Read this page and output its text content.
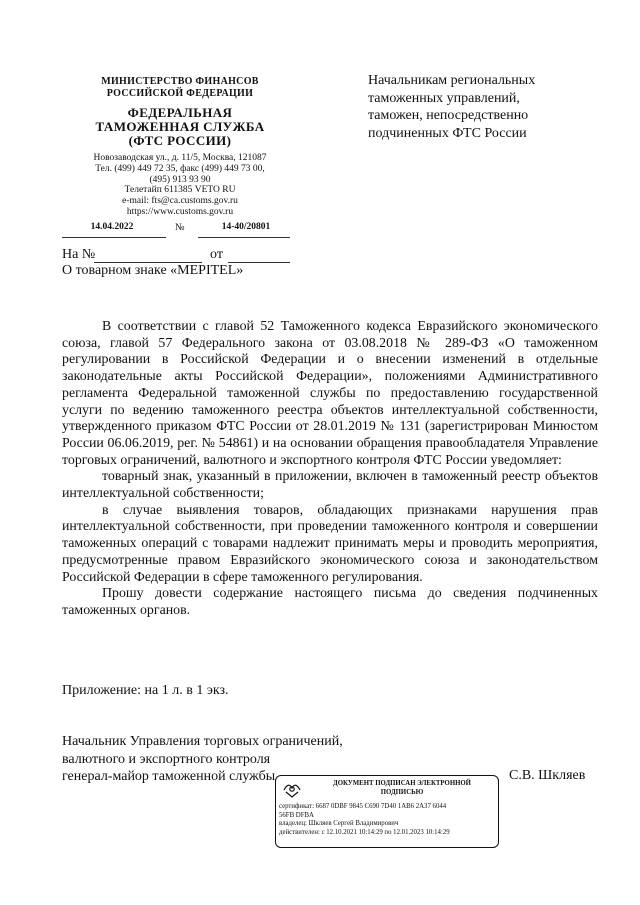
МИНИСТЕРСТВО ФИНАНСОВ
РОССИЙСКОЙ ФЕДЕРАЦИИ
ФЕДЕРАЛЬНАЯ
ТАМОЖЕННАЯ СЛУЖБА
(ФТС РОССИИ)
Новозаводская ул., д. 11/5, Москва, 121087
Тел. (499) 449 72 35, факс (499) 449 73 00,
(495) 913 93 90
Телетайп 611385 VETO RU
e-mail: fts@ca.customs.gov.ru
https://www.customs.gov.ru
14.04.2022	№	14-40/20801
На №	от
О товарном знаке «MEPITEL»
Начальникам региональных
таможенных управлений,
таможен, непосредственно
подчиненных ФТС России

В соответствии с главой 52 Таможенного кодекса Евразийского экономического союза, главой 57 Федерального закона от 03.08.2018 № 289-ФЗ «О таможенном регулировании в Российской Федерации и о внесении изменений в отдельные законодательные акты Российской Федерации», положениями Административного регламента Федеральной таможенной службы по предоставлению государственной услуги по ведению таможенного реестра объектов интеллектуальной собственности, утвержденного приказом ФТС России от 28.01.2019 № 131 (зарегистрирован Минюстом России 06.06.2019, рег. № 54861) и на основании обращения правообладателя Управление торговых ограничений, валютного и экспортного контроля ФТС России уведомляет:

товарный знак, указанный в приложении, включен в таможенный реестр объектов интеллектуальной собственности;

в случае выявления товаров, обладающих признаками нарушения прав интеллектуальной собственности, при проведении таможенного контроля и совершении таможенных операций с товарами надлежит принимать меры и проводить мероприятия, предусмотренные правом Евразийского экономического союза и законодательством Российской Федерации в сфере таможенного регулирования.

Прошу довести содержание настоящего письма до сведения подчиненных таможенных органов.

Приложение: на 1 л. в 1 экз.
Начальник Управления торговых ограничений,
валютного и экспортного контроля
генерал-майор таможенной службы	С.В. Шкляев
ДОКУМЕНТ ПОДПИСАН ЭЛЕКТРОННОЙ
ПОДПИСЬЮ
сертификат: 6687 0DBF 9845 C690 7D40 1AB6 2A37 6044
56FB DFBA
владелец: Шкляев Сергей Владимирович
действителен: с 12.10.2021 10:14:29 по 12.01.2023 10:14:29
